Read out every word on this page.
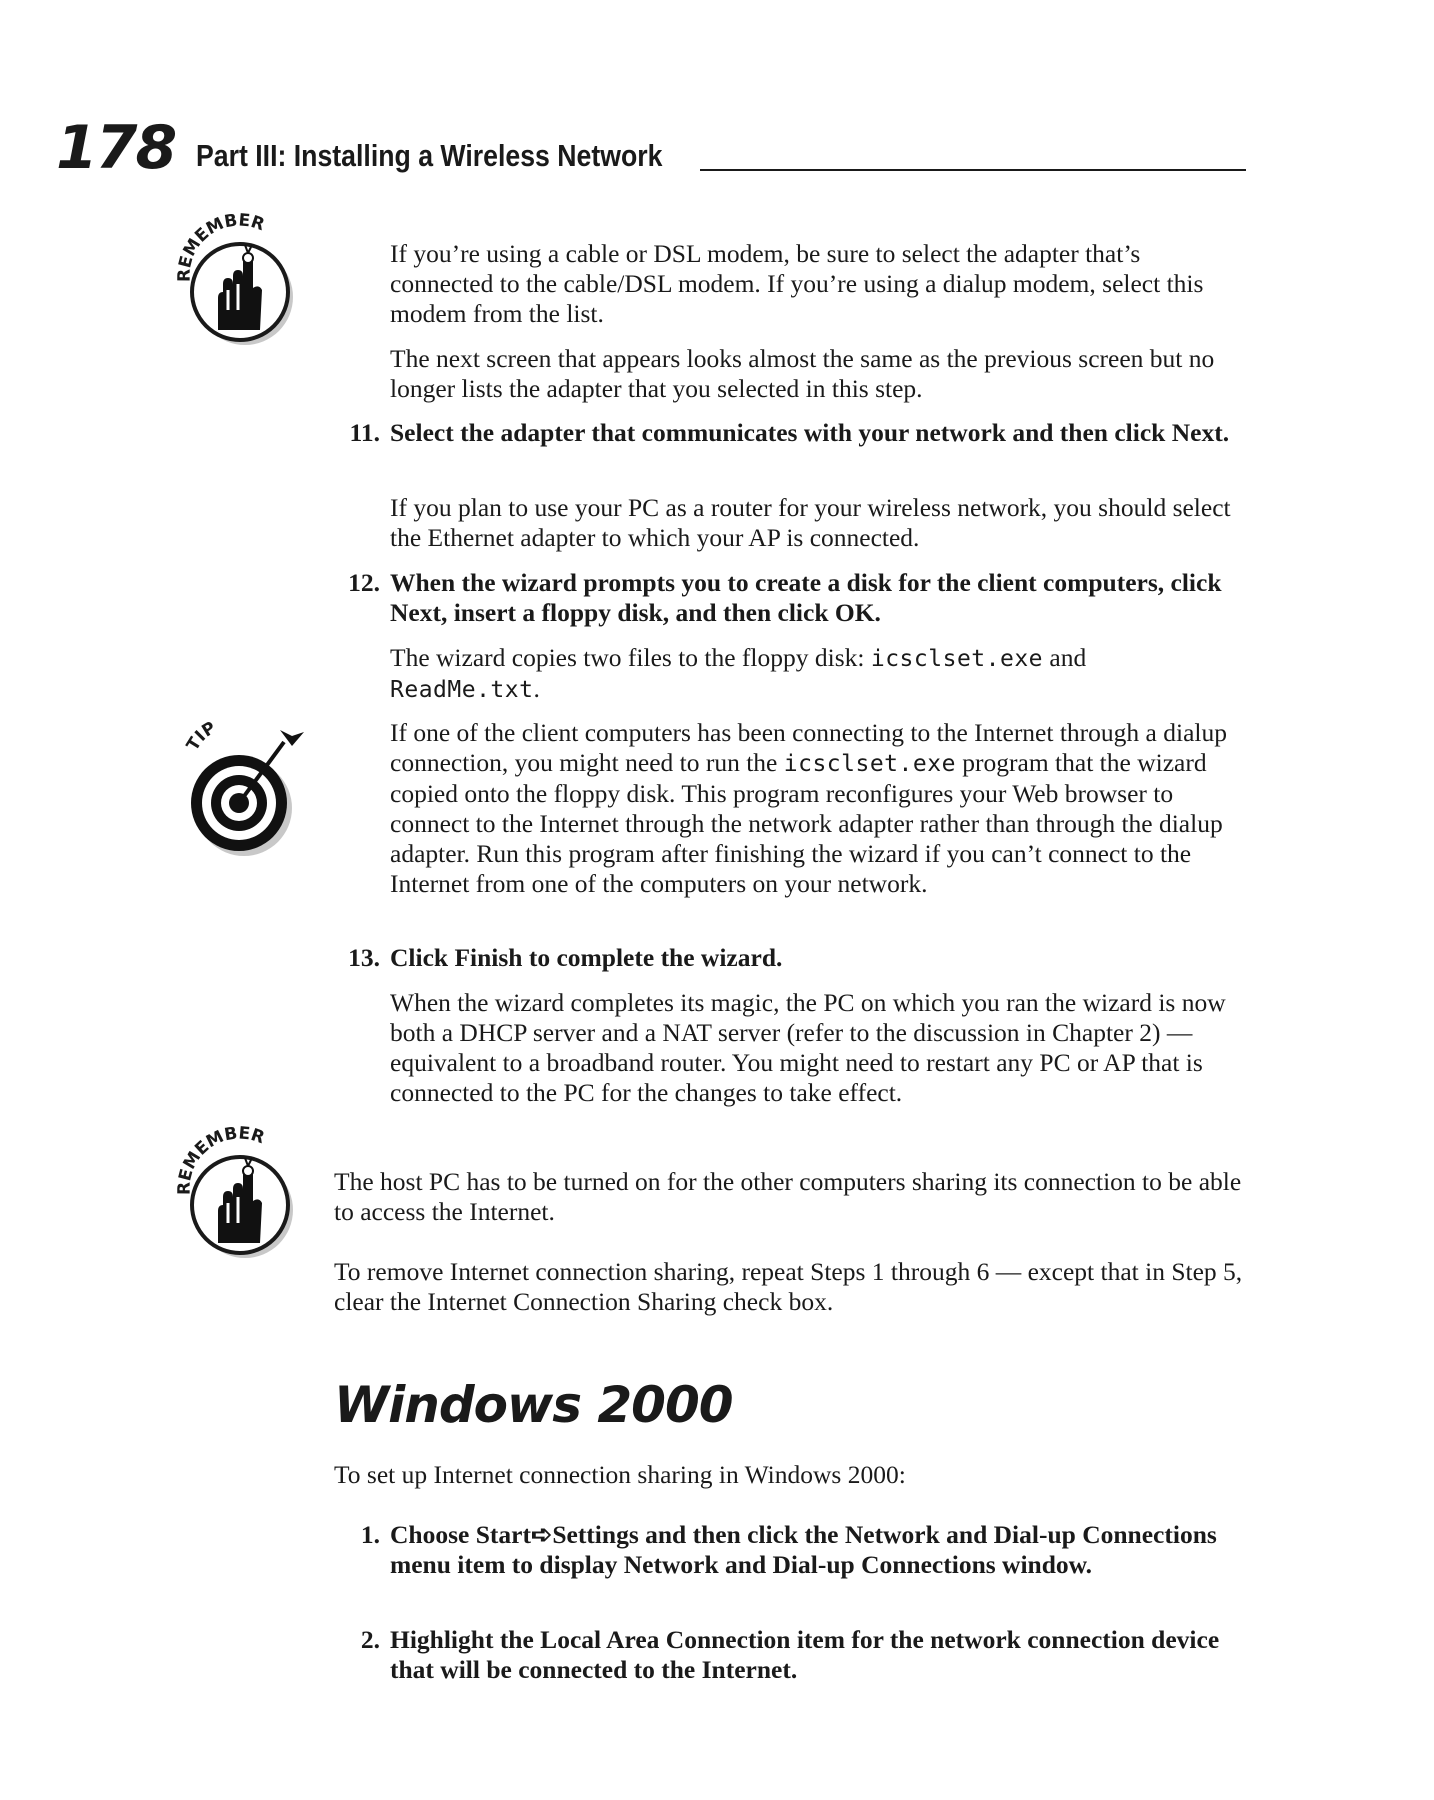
178 Part III: Installing a Wireless Network
REMEMBER
If you’re using a cable or DSL modem, be sure to select the adapter that’s connected to the cable/DSL modem. If you’re using a dialup modem, select this modem from the list.
The next screen that appears looks almost the same as the previous screen but no longer lists the adapter that you selected in this step.
11. Select the adapter that communicates with your network and then click Next.
If you plan to use your PC as a router for your wireless network, you should select the Ethernet adapter to which your AP is connected.
12. When the wizard prompts you to create a disk for the client computers, click Next, insert a floppy disk, and then click OK.
The wizard copies two files to the floppy disk: icsclset.exe and ReadMe.txt.
TIP	If one of the client computers has been connecting to the Internet through a dialup connection, you might need to run the icsclset.exe program that the wizard copied onto the floppy disk. This program reconfigures your Web browser to connect to the Internet through the network adapter rather than through the dialup adapter. Run this program after finishing the wizard if you can’t connect to the Internet from one of the computers on your network.
13. Click Finish to complete the wizard.
When the wizard completes its magic, the PC on which you ran the wizard is now both a DHCP server and a NAT server (refer to the discussion in Chapter 2) — equivalent to a broadband router. You might need to restart any PC or AP that is connected to the PC for the changes to take effect.
REMEMBER
The host PC has to be turned on for the other computers sharing its connection to be able to access the Internet.
To remove Internet connection sharing, repeat Steps 1 through 6 — except that in Step 5, clear the Internet Connection Sharing check box.
Windows 2000
To set up Internet connection sharing in Windows 2000:
1. Choose Start➪Settings and then click the Network and Dial-up Connections menu item to display Network and Dial-up Connections window.
2. Highlight the Local Area Connection item for the network connection device that will be connected to the Internet.
